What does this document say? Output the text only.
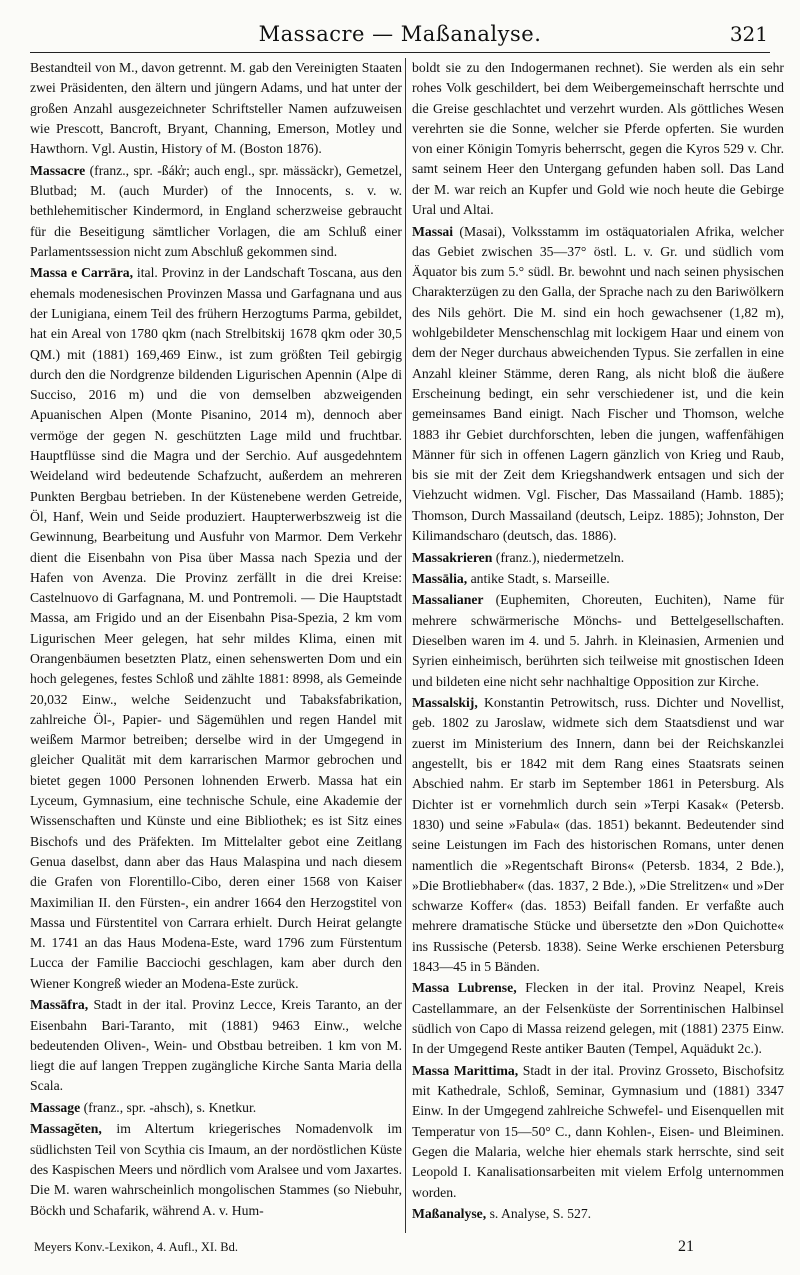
Massacre — Maßanalyse.	321

Bestandteil von M., davon getrennt. M. gab den Vereinigten Staaten zwei Präsidenten, den ältern und jüngern Adams, und hat unter der großen Anzahl ausgezeichneter Schriftsteller Namen aufzuweisen wie Prescott, Bancroft, Bryant, Channing, Emerson, Motley und Hawthorn. Vgl. Austin, History of M. (Boston 1876).

Massacre (franz., spr. -ßák̓r; auch engl., spr. mässäckr), Gemetzel, Blutbad; M. (auch Murder) of the Innocents, s. v. w. bethlehemitischer Kindermord, in England scherzweise gebraucht für die Beseitigung sämtlicher Vorlagen, die am Schluß einer Parlamentssession nicht zum Abschluß gekommen sind.

Massa e Carrāra, ital. Provinz in der Landschaft Toscana, aus den ehemals modenesischen Provinzen Massa und Garfagnana und aus der Lunigiana, einem Teil des frühern Herzogtums Parma, gebildet, hat ein Areal von 1780 qkm (nach Strelbitskij 1678 qkm oder 30,5 QM.) mit (1881) 169,469 Einw., ist zum größten Teil gebirgig durch den die Nordgrenze bildenden Ligurischen Apennin (Alpe di Succiso, 2016 m) und die von demselben abzweigenden Apuanischen Alpen (Monte Pisanino, 2014 m), dennoch aber vermöge der gegen N. geschützten Lage mild und fruchtbar. Hauptflüsse sind die Magra und der Serchio. Auf ausgedehntem Weideland wird bedeutende Schafzucht, außerdem an mehreren Punkten Bergbau betrieben. In der Küstenebene werden Getreide, Öl, Hanf, Wein und Seide produziert. Haupterwerbszweig ist die Gewinnung, Bearbeitung und Ausfuhr von Marmor. Dem Verkehr dient die Eisenbahn von Pisa über Massa nach Spezia und der Hafen von Avenza. Die Provinz zerfällt in die drei Kreise: Castelnuovo di Garfagnana, M. und Pontremoli. — Die Hauptstadt Massa, am Frigido und an der Eisenbahn Pisa-Spezia, 2 km vom Ligurischen Meer gelegen, hat sehr mildes Klima, einen mit Orangenbäumen besetzten Platz, einen sehenswerten Dom und ein hoch gelegenes, festes Schloß und zählte 1881: 8998, als Gemeinde 20,032 Einw., welche Seidenzucht und Tabaksfabrikation, zahlreiche Öl-, Papier- und Sägemühlen und regen Handel mit weißem Marmor betreiben; derselbe wird in der Umgegend in gleicher Qualität mit dem karrarischen Marmor gebrochen und bietet gegen 1000 Personen lohnenden Erwerb. Massa hat ein Lyceum, Gymnasium, eine technische Schule, eine Akademie der Wissenschaften und Künste und eine Bibliothek; es ist Sitz eines Bischofs und des Präfekten. Im Mittelalter gebot eine Zeitlang Genua daselbst, dann aber das Haus Malaspina und nach diesem die Grafen von Florentillo-Cibo, deren einer 1568 von Kaiser Maximilian II. den Fürsten-, ein andrer 1664 den Herzogstitel von Massa und Fürstentitel von Carrara erhielt. Durch Heirat gelangte M. 1741 an das Haus Modena-Este, ward 1796 zum Fürstentum Lucca der Familie Bacciochi geschlagen, kam aber durch den Wiener Kongreß wieder an Modena-Este zurück.

Massāfra, Stadt in der ital. Provinz Lecce, Kreis Taranto, an der Eisenbahn Bari-Taranto, mit (1881) 9463 Einw., welche bedeutenden Oliven-, Wein- und Obstbau betreiben. 1 km von M. liegt die auf langen Treppen zugängliche Kirche Santa Maria della Scala.

Massage (franz., spr. -ahsch), s. Knetkur.

Massagĕten, im Altertum kriegerisches Nomadenvolk im südlichsten Teil von Scythia cis Imaum, an der nordöstlichen Küste des Kaspischen Meers und nördlich vom Aralsee und vom Jaxartes. Die M. waren wahrscheinlich mongolischen Stammes (so Niebuhr, Böckh und Schafarik, während A. v. Hum-

boldt sie zu den Indogermanen rechnet). Sie werden als ein sehr rohes Volk geschildert, bei dem Weibergemeinschaft herrschte und die Greise geschlachtet und verzehrt wurden. Als göttliches Wesen verehrten sie die Sonne, welcher sie Pferde opferten. Sie wurden von einer Königin Tomyris beherrscht, gegen die Kyros 529 v. Chr. samt seinem Heer den Untergang gefunden haben soll. Das Land der M. war reich an Kupfer und Gold wie noch heute die Gebirge Ural und Altai.

Massai (Masai), Volksstamm im ostäquatorialen Afrika, welcher das Gebiet zwischen 35—37° östl. L. v. Gr. und südlich vom Äquator bis zum 5.° südl. Br. bewohnt und nach seinen physischen Charakterzügen zu den Galla, der Sprache nach zu den Bariwölkern des Nils gehört. Die M. sind ein hoch gewachsener (1,82 m), wohlgebildeter Menschenschlag mit lockigem Haar und einem von dem der Neger durchaus abweichenden Typus. Sie zerfallen in eine Anzahl kleiner Stämme, deren Rang, als nicht bloß die äußere Erscheinung bedingt, ein sehr verschiedener ist, und die kein gemeinsames Band einigt. Nach Fischer und Thomson, welche 1883 ihr Gebiet durchforschten, leben die jungen, waffenfähigen Männer für sich in offenen Lagern gänzlich von Krieg und Raub, bis sie mit der Zeit dem Kriegshandwerk entsagen und sich der Viehzucht widmen. Vgl. Fischer, Das Massailand (Hamb. 1885); Thomson, Durch Massailand (deutsch, Leipz. 1885); Johnston, Der Kilimandscharo (deutsch, das. 1886).

Massakrieren (franz.), niedermetzeln.

Massālia, antike Stadt, s. Marseille.

Massalianer (Euphemiten, Choreuten, Euchiten), Name für mehrere schwärmerische Mönchs- und Bettelgesellschaften. Dieselben waren im 4. und 5. Jahrh. in Kleinasien, Armenien und Syrien einheimisch, berührten sich teilweise mit gnostischen Ideen und bildeten eine nicht sehr nachhaltige Opposition zur Kirche.

Massalskij, Konstantin Petrowitsch, russ. Dichter und Novellist, geb. 1802 zu Jaroslaw, widmete sich dem Staatsdienst und war zuerst im Ministerium des Innern, dann bei der Reichskanzlei angestellt, bis er 1842 mit dem Rang eines Staatsrats seinen Abschied nahm. Er starb im September 1861 in Petersburg. Als Dichter ist er vornehmlich durch sein »Terpi Kasak« (Petersb. 1830) und seine »Fabula« (das. 1851) bekannt. Bedeutender sind seine Leistungen im Fach des historischen Romans, unter denen namentlich die »Regentschaft Birons« (Petersb. 1834, 2 Bde.), »Die Brotliebhaber« (das. 1837, 2 Bde.), »Die Strelitzen« und »Der schwarze Koffer« (das. 1853) Beifall fanden. Er verfaßte auch mehrere dramatische Stücke und übersetzte den »Don Quichotte« ins Russische (Petersb. 1838). Seine Werke erschienen Petersburg 1843—45 in 5 Bänden.

Massa Lubrense, Flecken in der ital. Provinz Neapel, Kreis Castellammare, an der Felsenküste der Sorrentinischen Halbinsel südlich von Capo di Massa reizend gelegen, mit (1881) 2375 Einw. In der Umgegend Reste antiker Bauten (Tempel, Aquädukt 2c.).

Massa Marittima, Stadt in der ital. Provinz Grosseto, Bischofsitz mit Kathedrale, Schloß, Seminar, Gymnasium und (1881) 3347 Einw. In der Umgegend zahlreiche Schwefel- und Eisenquellen mit Temperatur von 15—50° C., dann Kohlen-, Eisen- und Bleiminen. Gegen die Malaria, welche hier ehemals stark herrschte, sind seit Leopold I. Kanalisationsarbeiten mit vielem Erfolg unternommen worden.

Maßanalyse, s. Analyse, S. 527.

Meyers Konv.-Lexikon, 4. Aufl., XI. Bd.	21
